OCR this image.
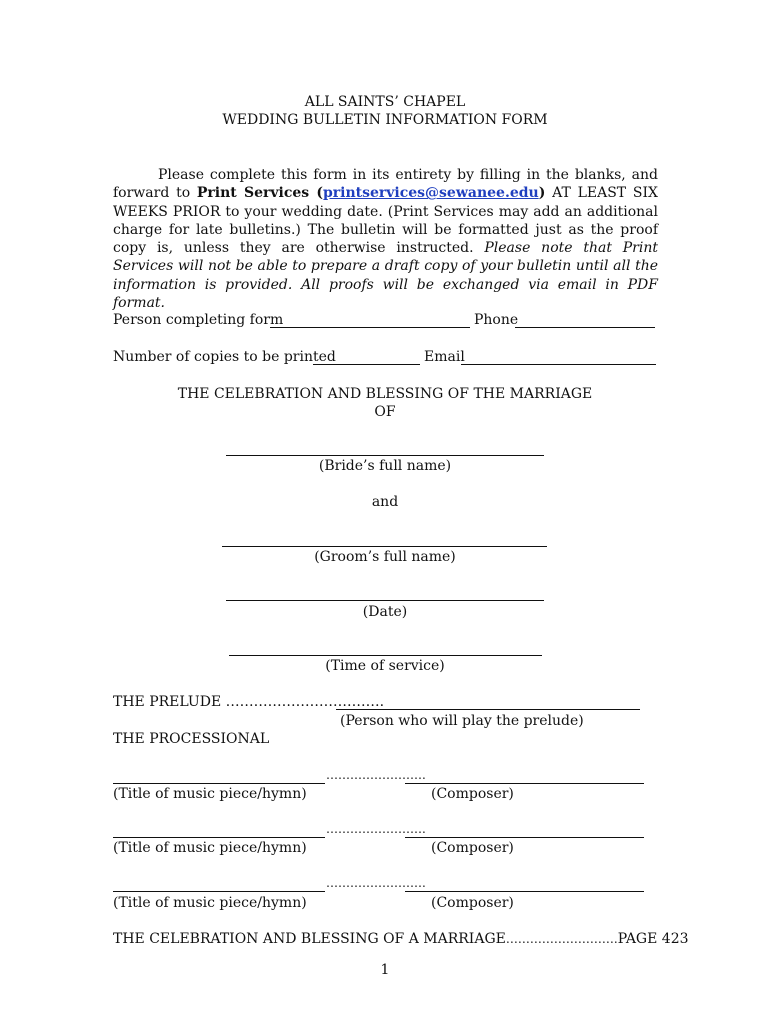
ALL SAINTS’ CHAPEL
WEDDING BULLETIN INFORMATION FORM
Please complete this form in its entirety by filling in the blanks, and forward to Print Services (printservices@sewanee.edu) AT LEAST SIX WEEKS PRIOR to your wedding date. (Print Services may add an additional charge for late bulletins.) The bulletin will be formatted just as the proof copy is, unless they are otherwise instructed. Please note that Print Services will not be able to prepare a draft copy of your bulletin until all the information is provided. All proofs will be exchanged via email in PDF format.
Person completing form	Phone
Number of copies to be printed	Email
THE CELEBRATION AND BLESSING OF THE MARRIAGE
OF
(Bride’s full name)
and
(Groom’s full name)
(Date)
(Time of service)
THE PRELUDE …………………………….
(Person who will play the prelude)
THE PROCESSIONAL
…………………….
(Title of music piece/hymn)	(Composer)
…………………….
(Title of music piece/hymn)	(Composer)
…………………….
(Title of music piece/hymn)	(Composer)
THE CELEBRATION AND BLESSING OF A MARRIAGE……………………….PAGE 423
1
